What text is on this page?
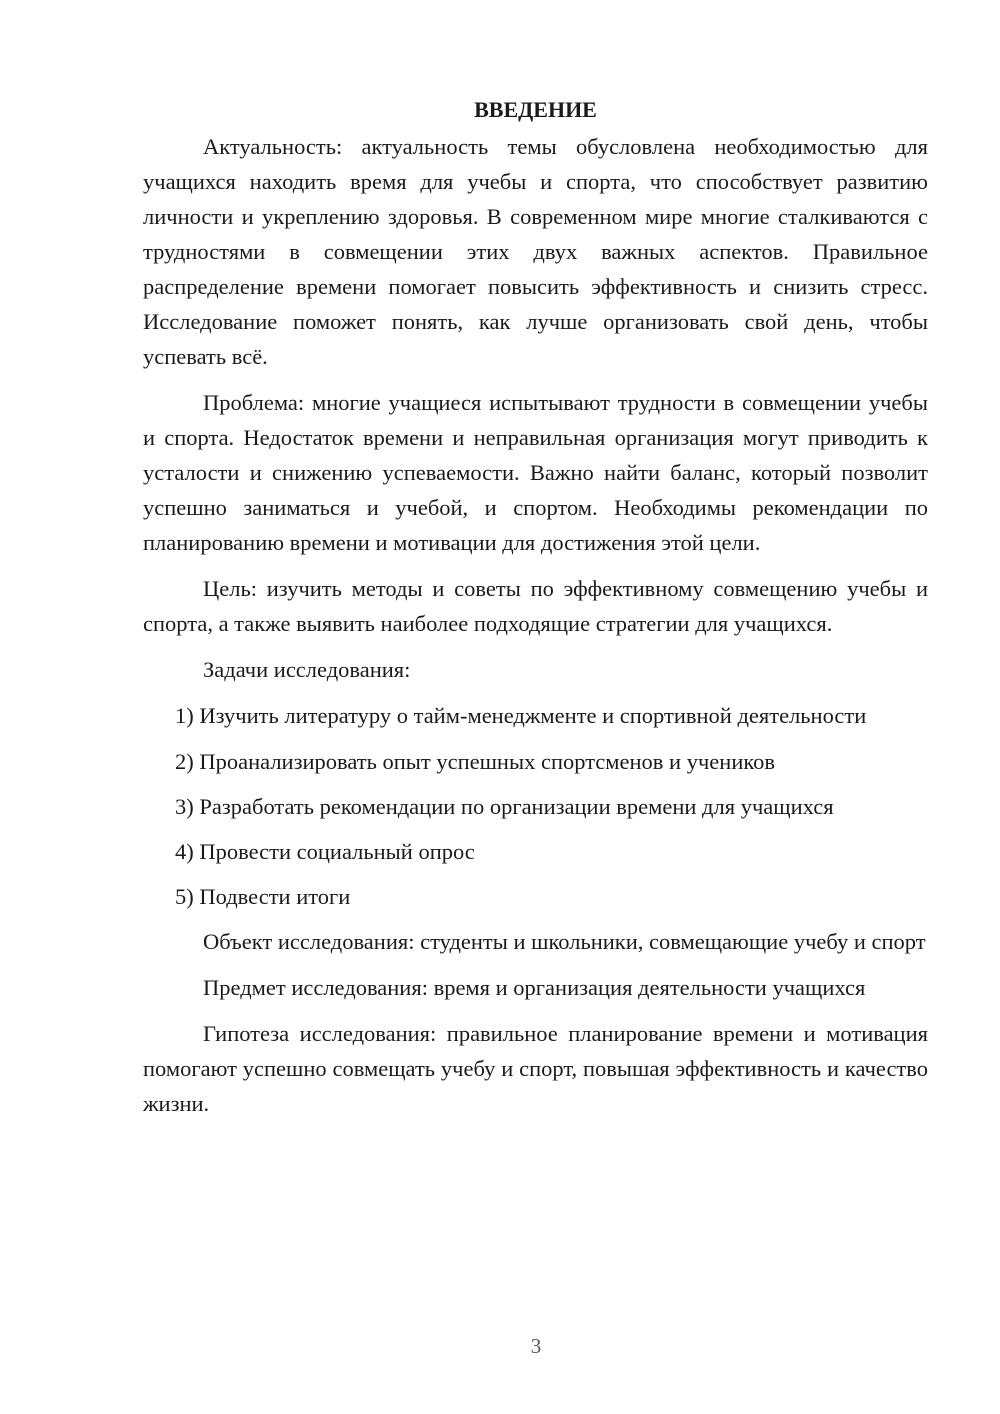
ВВЕДЕНИЕ

Актуальность: актуальность темы обусловлена необходимостью для учащихся находить время для учебы и спорта, что способствует развитию личности и укреплению здоровья. В современном мире многие сталкиваются с трудностями в совмещении этих двух важных аспектов. Правильное распределение времени помогает повысить эффективность и снизить стресс. Исследование поможет понять, как лучше организовать свой день, чтобы успевать всё.

Проблема: многие учащиеся испытывают трудности в совмещении учебы и спорта. Недостаток времени и неправильная организация могут приводить к усталости и снижению успеваемости. Важно найти баланс, который позволит успешно заниматься и учебой, и спортом. Необходимы рекомендации по планированию времени и мотивации для достижения этой цели.

Цель: изучить методы и советы по эффективному совмещению учебы и спорта, а также выявить наиболее подходящие стратегии для учащихся.

Задачи исследования:

1) Изучить литературу о тайм-менеджменте и спортивной деятельности

2) Проанализировать опыт успешных спортсменов и учеников

3) Разработать рекомендации по организации времени для учащихся

4) Провести социальный опрос

5) Подвести итоги

Объект исследования: студенты и школьники, совмещающие учебу и спорт

Предмет исследования: время и организация деятельности учащихся

Гипотеза исследования: правильное планирование времени и мотивация помогают успешно совмещать учебу и спорт, повышая эффективность и качество жизни.

3
